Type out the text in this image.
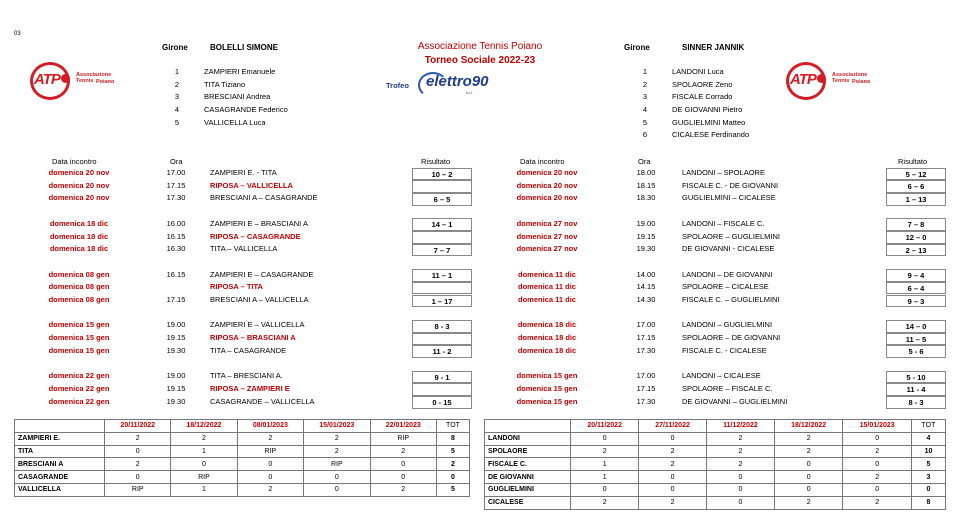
03
Girone	BOLELLI SIMONE	Girone	SINNER JANNIK
Associazione Tennis Poiano
Torneo Sociale 2022-23
ATP	Associazione Tennis Poiano	ATP	Associazione Tennis Poiano
Trofeo elettro90
s.r.l.
1	ZAMPIERI Emanuele
2	TITA Tiziano
3	BRESCIANI Andrea
4	CASAGRANDE Federico
5	VALLICELLA Luca
1	LANDONI Luca
2	SPOLAORE Zeno
3	FISCALE Corrado
4	DE GIOVANNI Pietro
5	GUGLIELMINI Matteo
6	CICALESE Ferdinando
Data incontro	Ora	Risultato	Data incontro	Ora	Risultato
domenica 20 nov	17.00	ZAMPIERI E. - TITA	10 – 2
domenica 20 nov	17.15	RIPOSA – VALLICELLA
domenica 20 nov	17.30	BRESCIANI A – CASAGRANDE	6 – 5
domenica 18 dic	16.00	ZAMPIERI E – BRASCIANI A	14 – 1
domenica 18 dic	16.15	RIPOSA – CASAGRANDE
domenica 18 dic	16.30	TITA – VALLICELLA	7 – 7
domenica 08 gen	16.15	ZAMPIERI E – CASAGRANDE	11 – 1
domenica 08 gen	RIPOSA – TITA
domenica 08 gen	17.15	BRESCIANI A – VALLICELLA	1 – 17
domenica 15 gen	19.00	ZAMPIERI E – VALLICELLA	8 - 3
domenica 15 gen	19.15	RIPOSA – BRASCIANI A
domenica 15 gen	19.30	TITA – CASAGRANDE	11 - 2
domenica 22 gen	19.00	TITA – BRESCIANI A.	9 - 1
domenica 22 gen	19.15	RIPOSA – ZAMPIERI E
domenica 22 gen	19.30	CASAGRANDE – VALLICELLA	0 - 15
domenica 20 nov	18.00	LANDONI – SPOLAORE	5 – 12
domenica 20 nov	18.15	FISCALE C. - DE GIOVANNI	6 – 6
domenica 20 nov	18.30	GUGLIELMINI – CICALESE	1 – 13
domenica 27 nov	19.00	LANDONI – FISCALE C.	7 – 8
domenica 27 nov	19.15	SPOLAORE – GUGLIELMINI	12 – 0
domenica 27 nov	19.30	DE GIOVANNI - CICALESE	2 – 13
domenica 11 dic	14.00	LANDONI – DE GIOVANNI	9 – 4
domenica 11 dic	14.15	SPOLAORE – CICALESE	6 – 4
domenica 11 dic	14.30	FISCALE C. – GUGLIELMINI	9 – 3
domenica 18 dic	17.00	LANDONI – GUGLIELMINI	14 – 0
domenica 18 dic	17.15	SPOLAORE – DE GIOVANNI	11 – 5
domenica 18 dic	17.30	FISCALE C. - CICALESE	5 - 6
domenica 15 gen	17.00	LANDONI – CICALESE	5 - 10
domenica 15 gen	17.15	SPOLAORE – FISCALE C.	11 - 4
domenica 15 gen	17.30	DE GIOVANNI – GUGLIELMINI	8 - 3
	20/11/2022	18/12/2022	08/01/2023	15/01/2023	22/01/2023	TOT
ZAMPIERI E.	2	2	2	2	RIP	8
TITA	0	1	RIP	2	2	5
BRESCIANI A	2	0	0	RIP	0	2
CASAGRANDE	0	RIP	0	0	0	0
VALLICELLA	RIP	1	2	0	2	5
	20/11/2022	27/11/2022	11/12/2022	18/12/2022	15/01/2023	TOT
LANDONI	0	0	2	2	0	4
SPOLAORE	2	2	2	2	2	10
FISCALE C.	1	2	2	0	0	5
DE GIOVANNI	1	0	0	0	2	3
GUGLIELMINI	0	0	0	0	0	0
CICALESE	2	2	0	2	2	8
